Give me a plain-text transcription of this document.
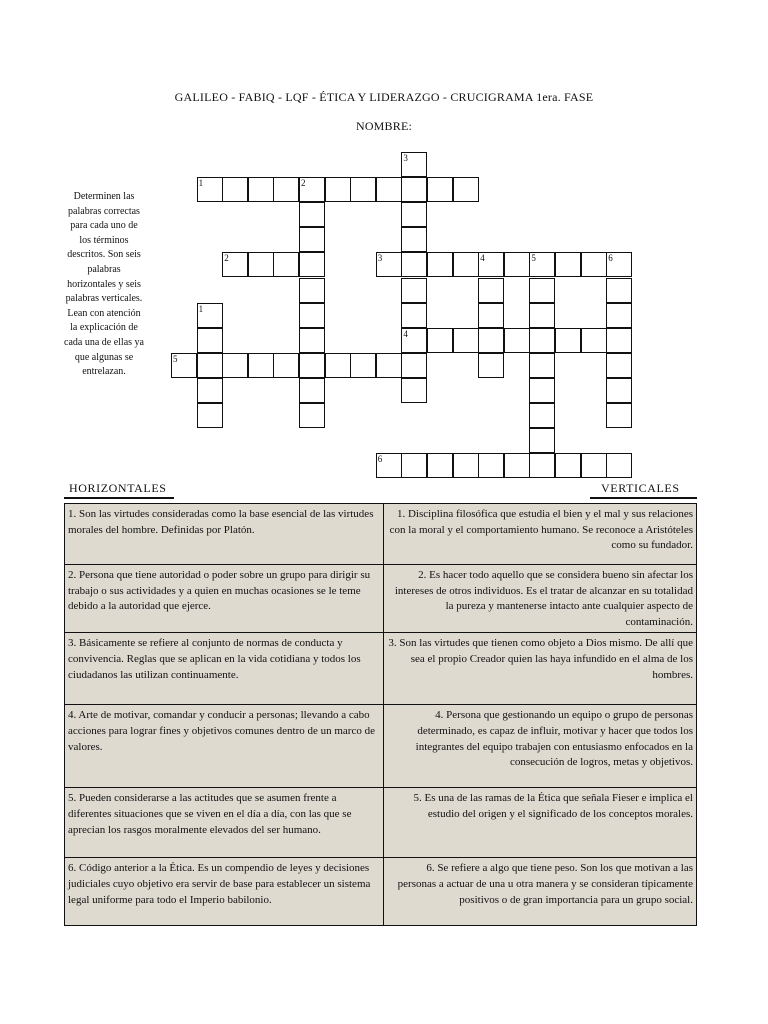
GALILEO - FABIQ - LQF - ÉTICA Y LIDERAZGO - CRUCIGRAMA 1era. FASE
NOMBRE:
Determinen las palabras correctas para cada uno de los términos descritos. Son seis palabras horizontales y seis palabras verticales. Lean con atención la explicación de cada una de ellas ya que algunas se entrelazan.
1	2
2	3
3
4	5	6
1
4
5
6
HORIZONTALES	VERTICALES
1. Son las virtudes consideradas como la base esencial de las virtudes morales del hombre. Definidas por Platón.	1. Disciplina filosófica que estudia el bien y el mal y sus relaciones con la moral y el comportamiento humano. Se reconoce a Aristóteles como su fundador.
2. Persona que tiene autoridad o poder sobre un grupo para dirigir su trabajo o sus actividades y a quien en muchas ocasiones se le teme debido a la autoridad que ejerce.	2. Es hacer todo aquello que se considera bueno sin afectar los intereses de otros individuos. Es el tratar de alcanzar en su totalidad la pureza y mantenerse intacto ante cualquier aspecto de contaminación.
3. Básicamente se refiere al conjunto de normas de conducta y convivencia. Reglas que se aplican en la vida cotidiana y todos los ciudadanos las utilizan continuamente.	3. Son las virtudes que tienen como objeto a Dios mismo. De allí que sea el propio Creador quien las haya infundido en el alma de los hombres.
4. Arte de motivar, comandar y conducir a personas; llevando a cabo acciones para lograr fines y objetivos comunes dentro de un marco de valores.	4. Persona que gestionando un equipo o grupo de personas determinado, es capaz de influir, motivar y hacer que todos los integrantes del equipo trabajen con entusiasmo enfocados en la consecución de logros, metas y objetivos.
5. Pueden considerarse a las actitudes que se asumen frente a diferentes situaciones que se viven en el día a día, con las que se aprecian los rasgos moralmente elevados del ser humano.	5. Es una de las ramas de la Ética que señala Fieser e implica el estudio del origen y el significado de los conceptos morales.
6. Código anterior a la Ética. Es un compendio de leyes y decisiones judiciales cuyo objetivo era servir de base para establecer un sistema legal uniforme para todo el Imperio babilonio.	6. Se refiere a algo que tiene peso. Son los que motivan a las personas a actuar de una u otra manera y se consideran típicamente positivos o de gran importancia para un grupo social.
